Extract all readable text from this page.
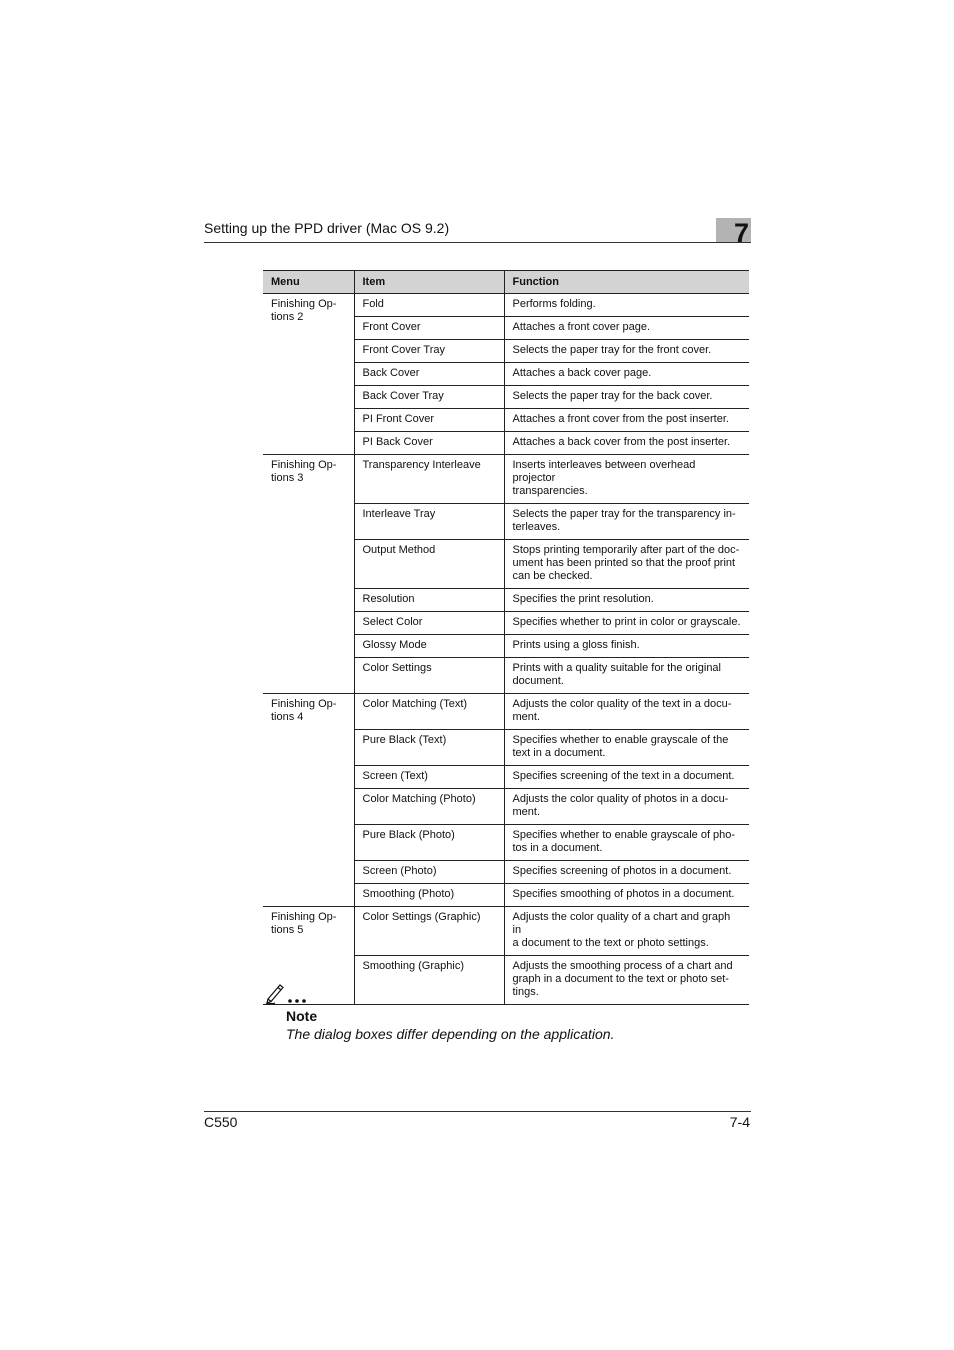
Setting up the PPD driver (Mac OS 9.2)	7
Menu	Item	Function
Finishing Op-
tions 2	Fold	Performs folding.
	Front Cover	Attaches a front cover page.
	Front Cover Tray	Selects the paper tray for the front cover.
	Back Cover	Attaches a back cover page.
	Back Cover Tray	Selects the paper tray for the back cover.
	PI Front Cover	Attaches a front cover from the post inserter.
	PI Back Cover	Attaches a back cover from the post inserter.
Finishing Op-
tions 3	Transparency Interleave	Inserts interleaves between overhead projector
transparencies.
	Interleave Tray	Selects the paper tray for the transparency in-
terleaves.
	Output Method	Stops printing temporarily after part of the doc-
ument has been printed so that the proof print
can be checked.
	Resolution	Specifies the print resolution.
	Select Color	Specifies whether to print in color or grayscale.
	Glossy Mode	Prints using a gloss finish.
	Color Settings	Prints with a quality suitable for the original
document.
Finishing Op-
tions 4	Color Matching (Text)	Adjusts the color quality of the text in a docu-
ment.
	Pure Black (Text)	Specifies whether to enable grayscale of the
text in a document.
	Screen (Text)	Specifies screening of the text in a document.
	Color Matching (Photo)	Adjusts the color quality of photos in a docu-
ment.
	Pure Black (Photo)	Specifies whether to enable grayscale of pho-
tos in a document.
	Screen (Photo)	Specifies screening of photos in a document.
	Smoothing (Photo)	Specifies smoothing of photos in a document.
Finishing Op-
tions 5	Color Settings (Graphic)	Adjusts the color quality of a chart and graph in
a document to the text or photo settings.
	Smoothing (Graphic)	Adjusts the smoothing process of a chart and
graph in a document to the text or photo set-
tings.
Note
The dialog boxes differ depending on the application.
C550	7-4
